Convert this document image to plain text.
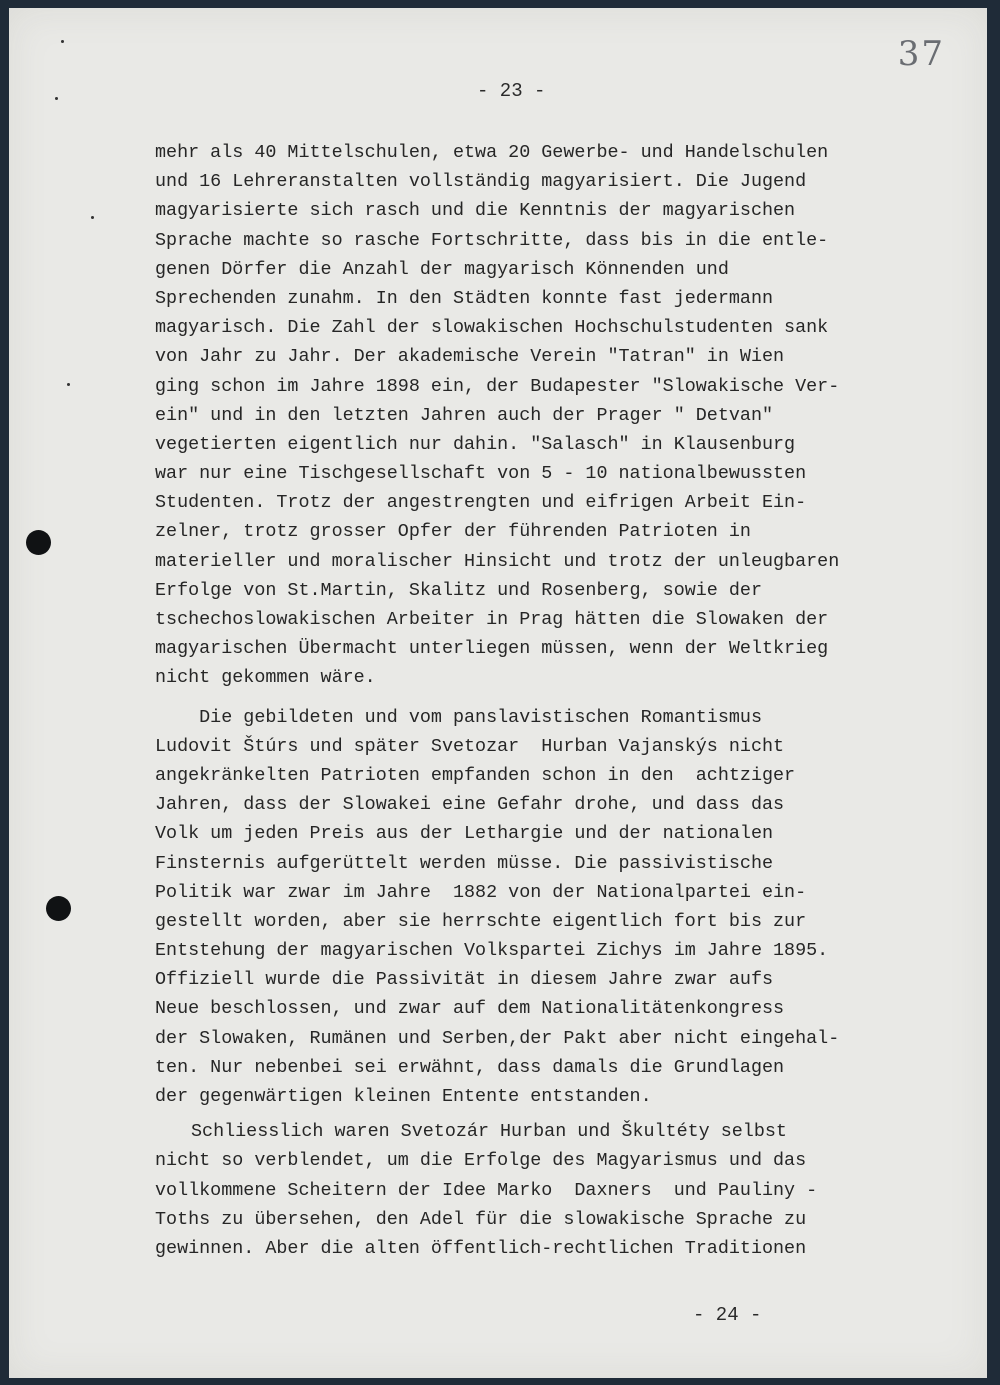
37
- 23 -
mehr als 40 Mittelschulen, etwa 20 Gewerbe- und Handelschulen
und 16 Lehreranstalten vollständig magyarisiert. Die Jugend
magyarisierte sich rasch und die Kenntnis der magyarischen
Sprache machte so rasche Fortschritte, dass bis in die entle-
genen Dörfer die Anzahl der magyarisch Könnenden und
Sprechenden zunahm. In den Städten konnte fast jedermann
magyarisch. Die Zahl der slowakischen Hochschulstudenten sank
von Jahr zu Jahr. Der akademische Verein "Tatran" in Wien
ging schon im Jahre 1898 ein, der Budapester "Slowakische Ver-
ein" und in den letzten Jahren auch der Prager " Detvan"
vegetierten eigentlich nur dahin. "Salasch" in Klausenburg
war nur eine Tischgesellschaft von 5 - 10 nationalbewussten
Studenten. Trotz der angestrengten und eifrigen Arbeit Ein-
zelner, trotz grosser Opfer der führenden Patrioten in
materieller und moralischer Hinsicht und trotz der unleugbaren
Erfolge von St.Martin, Skalitz und Rosenberg, sowie der
tschechoslowakischen Arbeiter in Prag hätten die Slowaken der
magyarischen Übermacht unterliegen müssen, wenn der Weltkrieg
nicht gekommen wäre.
Die gebildeten und vom panslavistischen Romantismus
Ludovit Štúrs und später Svetozar  Hurban Vajanskýs nicht
angekränkelten Patrioten empfanden schon in den  achtziger
Jahren, dass der Slowakei eine Gefahr drohe, und dass das
Volk um jeden Preis aus der Lethargie und der nationalen
Finsternis aufgerüttelt werden müsse. Die passivistische
Politik war zwar im Jahre  1882 von der Nationalpartei ein-
gestellt worden, aber sie herrschte eigentlich fort bis zur
Entstehung der magyarischen Volkspartei Zichys im Jahre 1895.
Offiziell wurde die Passivität in diesem Jahre zwar aufs
Neue beschlossen, und zwar auf dem Nationalitätenkongress
der Slowaken, Rumänen und Serben,der Pakt aber nicht eingehal-
ten. Nur nebenbei sei erwähnt, dass damals die Grundlagen
der gegenwärtigen kleinen Entente entstanden.
Schliesslich waren Svetozár Hurban und Škultéty selbst
nicht so verblendet, um die Erfolge des Magyarismus und das
vollkommene Scheitern der Idee Marko  Daxners  und Pauliny -
Toths zu übersehen, den Adel für die slowakische Sprache zu
gewinnen. Aber die alten öffentlich-rechtlichen Traditionen
- 24 -
